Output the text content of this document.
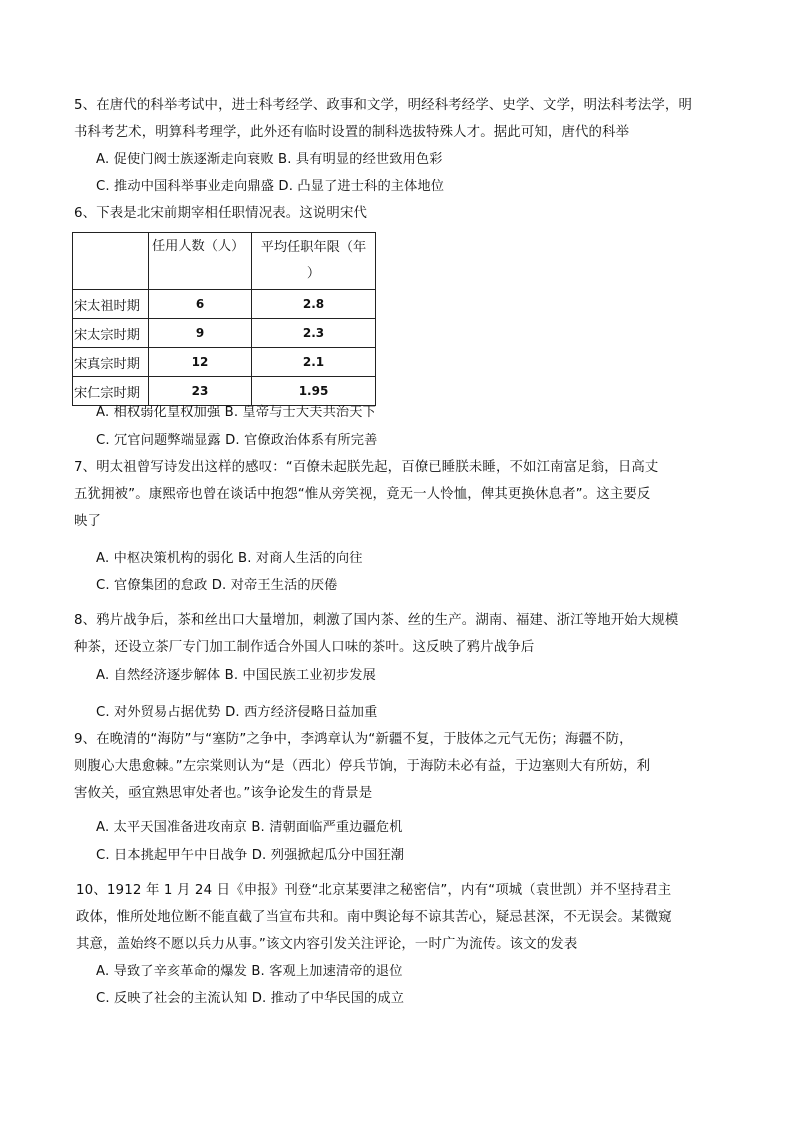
5、在唐代的科举考试中，进士科考经学、政事和文学，明经科考经学、史学、文学，明法科考法学，明
书科考艺术，明算科考理学，此外还有临时设置的制科选拔特殊人才。据此可知，唐代的科举
A. 促使门阀士族逐渐走向衰败 B. 具有明显的经世致用色彩
C. 推动中国科举事业走向鼎盛 D. 凸显了进士科的主体地位
6、下表是北宋前期宰相任职情况表。这说明宋代
	任用人数（人）	平均任职年限（年
）
宋太祖时期	6	2.8
宋太宗时期	9	2.3
宋真宗时期	12	2.1
宋仁宗时期	23	1.95
A. 相权弱化皇权加强 B. 皇帝与士大夫共治天下
C. 冗官问题弊端显露 D. 官僚政治体系有所完善
7、明太祖曾写诗发出这样的感叹：“百僚未起朕先起，百僚已睡朕未睡，不如江南富足翁，日高丈
五犹拥被”。康熙帝也曾在谈话中抱怨“惟从旁笑视，竟无一人怜恤，俾其更换休息者”。这主要反
映了
A. 中枢决策机构的弱化 B. 对商人生活的向往
C. 官僚集团的怠政 D. 对帝王生活的厌倦
8、鸦片战争后，茶和丝出口大量增加，刺激了国内茶、丝的生产。湖南、福建、浙江等地开始大规模
种茶，还设立茶厂专门加工制作适合外国人口味的茶叶。这反映了鸦片战争后
A. 自然经济逐步解体 B. 中国民族工业初步发展
C. 对外贸易占据优势 D. 西方经济侵略日益加重
9、在晚清的“海防”与“塞防”之争中，李鸿章认为“新疆不复，于肢体之元气无伤；海疆不防，
则腹心大患愈棘。”左宗棠则认为“是（西北）停兵节饷，于海防未必有益，于边塞则大有所妨，利
害攸关，亟宜熟思审处者也。”该争论发生的背景是
A. 太平天国准备进攻南京 B. 清朝面临严重边疆危机
C. 日本挑起甲午中日战争 D. 列强掀起瓜分中国狂潮
10、1912 年 1 月 24 日《申报》刊登“北京某要津之秘密信”，内有“项城（袁世凯）并不坚持君主
政体，惟所处地位断不能直截了当宣布共和。南中舆论每不谅其苦心，疑忌甚深，不无误会。某微窥
其意，盖始终不愿以兵力从事。”该文内容引发关注评论，一时广为流传。该文的发表
A. 导致了辛亥革命的爆发 B. 客观上加速清帝的退位
C. 反映了社会的主流认知 D. 推动了中华民国的成立
